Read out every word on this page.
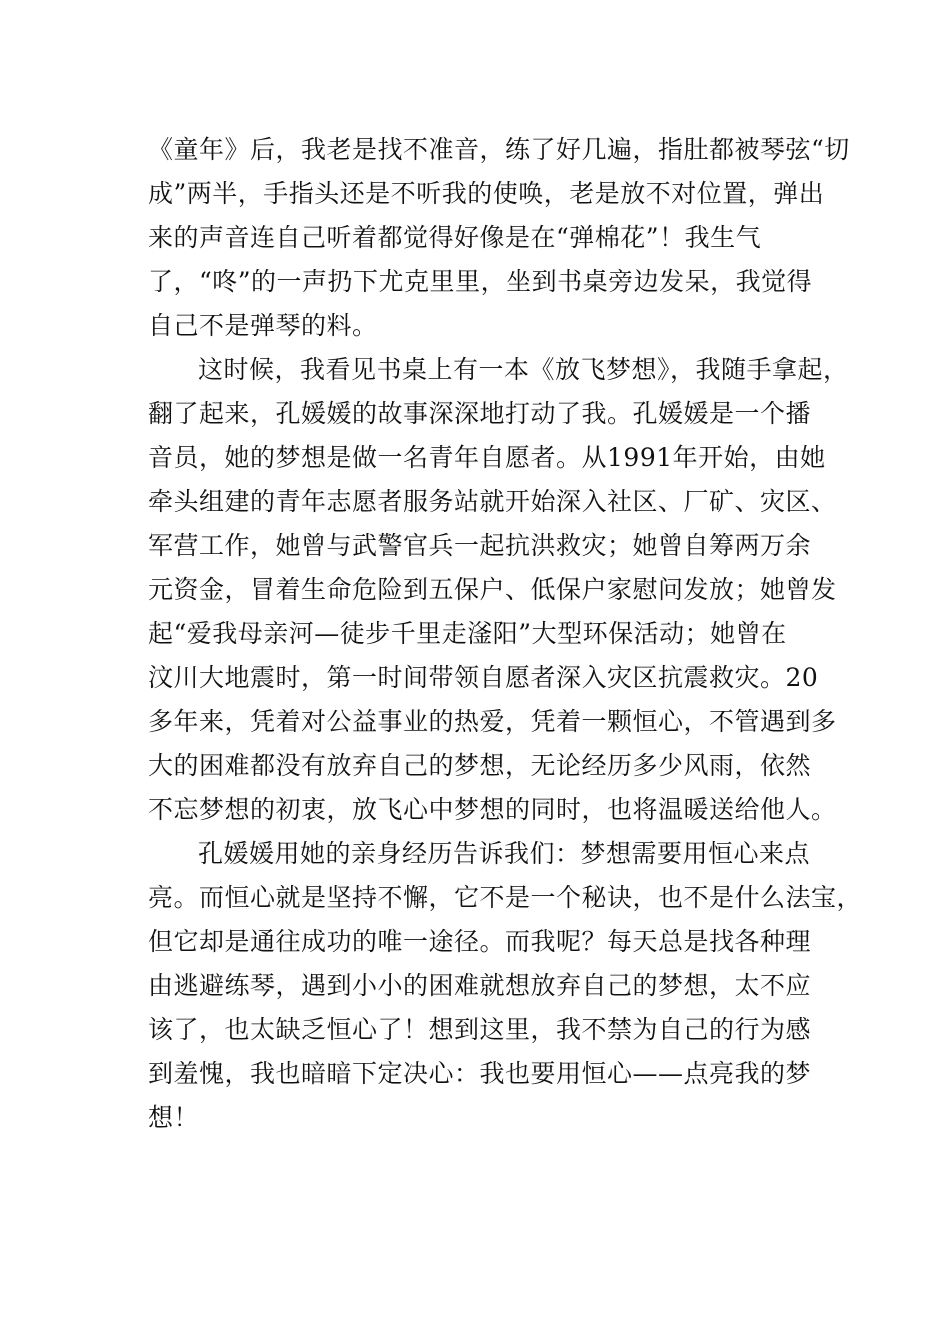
《童年》后，我老是找不准音，练了好几遍，指肚都被琴弦“切
成”两半，手指头还是不听我的使唤，老是放不对位置，弹出
来的声音连自己听着都觉得好像是在“弹棉花”！我生气
了，“咚”的一声扔下尤克里里，坐到书桌旁边发呆，我觉得
自己不是弹琴的料。
这时候，我看见书桌上有一本《放飞梦想》，我随手拿起，
翻了起来，孔媛媛的故事深深地打动了我。孔媛媛是一个播
音员，她的梦想是做一名青年自愿者。从1991年开始，由她
牵头组建的青年志愿者服务站就开始深入社区、厂矿、灾区、
军营工作，她曾与武警官兵一起抗洪救灾；她曾自筹两万余
元资金，冒着生命危险到五保户、低保户家慰问发放；她曾发
起“爱我母亲河—徒步千里走滏阳”大型环保活动；她曾在
汶川大地震时，第一时间带领自愿者深入灾区抗震救灾。20
多年来，凭着对公益事业的热爱，凭着一颗恒心，不管遇到多
大的困难都没有放弃自己的梦想，无论经历多少风雨，依然
不忘梦想的初衷，放飞心中梦想的同时，也将温暖送给他人。
孔媛媛用她的亲身经历告诉我们：梦想需要用恒心来点
亮。而恒心就是坚持不懈，它不是一个秘诀，也不是什么法宝，
但它却是通往成功的唯一途径。而我呢？每天总是找各种理
由逃避练琴，遇到小小的困难就想放弃自己的梦想，太不应
该了，也太缺乏恒心了！想到这里，我不禁为自己的行为感
到羞愧，我也暗暗下定决心：我也要用恒心——点亮我的梦
想！
